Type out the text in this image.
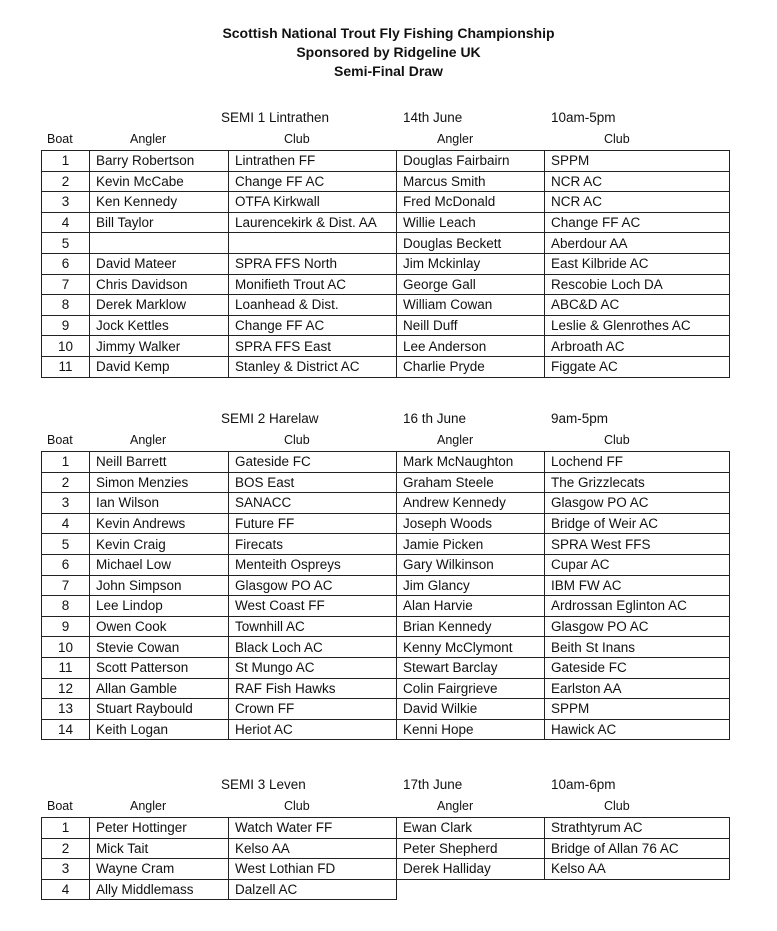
Scottish National Trout Fly Fishing Championship
Sponsored by Ridgeline UK
Semi-Final Draw
SEMI 1 Lintrathen	14th June	10am-5pm
Boat	Angler	Club	Angler	Club
1	Barry Robertson	Lintrathen FF	Douglas Fairbairn	SPPM
2	Kevin McCabe	Change FF AC	Marcus Smith	NCR AC
3	Ken Kennedy	OTFA Kirkwall	Fred McDonald	NCR AC
4	Bill Taylor	Laurencekirk & Dist. AA	Willie Leach	Change FF AC
5			Douglas Beckett	Aberdour AA
6	David Mateer	SPRA FFS North	Jim Mckinlay	East Kilbride AC
7	Chris Davidson	Monifieth Trout AC	George Gall	Rescobie Loch DA
8	Derek Marklow	Loanhead & Dist.	William Cowan	ABC&D AC
9	Jock Kettles	Change FF AC	Neill Duff	Leslie & Glenrothes AC
10	Jimmy Walker	SPRA FFS East	Lee Anderson	Arbroath AC
11	David Kemp	Stanley & District AC	Charlie Pryde	Figgate AC
SEMI 2 Harelaw	16 th June	9am-5pm
Boat	Angler	Club	Angler	Club
1	Neill Barrett	Gateside FC	Mark McNaughton	Lochend FF
2	Simon Menzies	BOS East	Graham Steele	The Grizzlecats
3	Ian Wilson	SANACC	Andrew Kennedy	Glasgow PO AC
4	Kevin Andrews	Future FF	Joseph Woods	Bridge of Weir AC
5	Kevin Craig	Firecats	Jamie Picken	SPRA West FFS
6	Michael Low	Menteith Ospreys	Gary Wilkinson	Cupar AC
7	John Simpson	Glasgow PO AC	Jim Glancy	IBM FW AC
8	Lee Lindop	West Coast FF	Alan Harvie	Ardrossan Eglinton AC
9	Owen Cook	Townhill AC	Brian Kennedy	Glasgow PO AC
10	Stevie Cowan	Black Loch AC	Kenny McClymont	Beith St Inans
11	Scott Patterson	St Mungo AC	Stewart Barclay	Gateside FC
12	Allan Gamble	RAF Fish Hawks	Colin Fairgrieve	Earlston AA
13	Stuart Raybould	Crown FF	David Wilkie	SPPM
14	Keith Logan	Heriot AC	Kenni Hope	Hawick AC
SEMI 3 Leven	17th June	10am-6pm
Boat	Angler	Club	Angler	Club
1	Peter Hottinger	Watch Water FF	Ewan Clark	Strathtyrum AC
2	Mick Tait	Kelso AA	Peter Shepherd	Bridge of Allan 76 AC
3	Wayne Cram	West Lothian FD	Derek Halliday	Kelso AA
4	Ally Middlemass	Dalzell AC		
